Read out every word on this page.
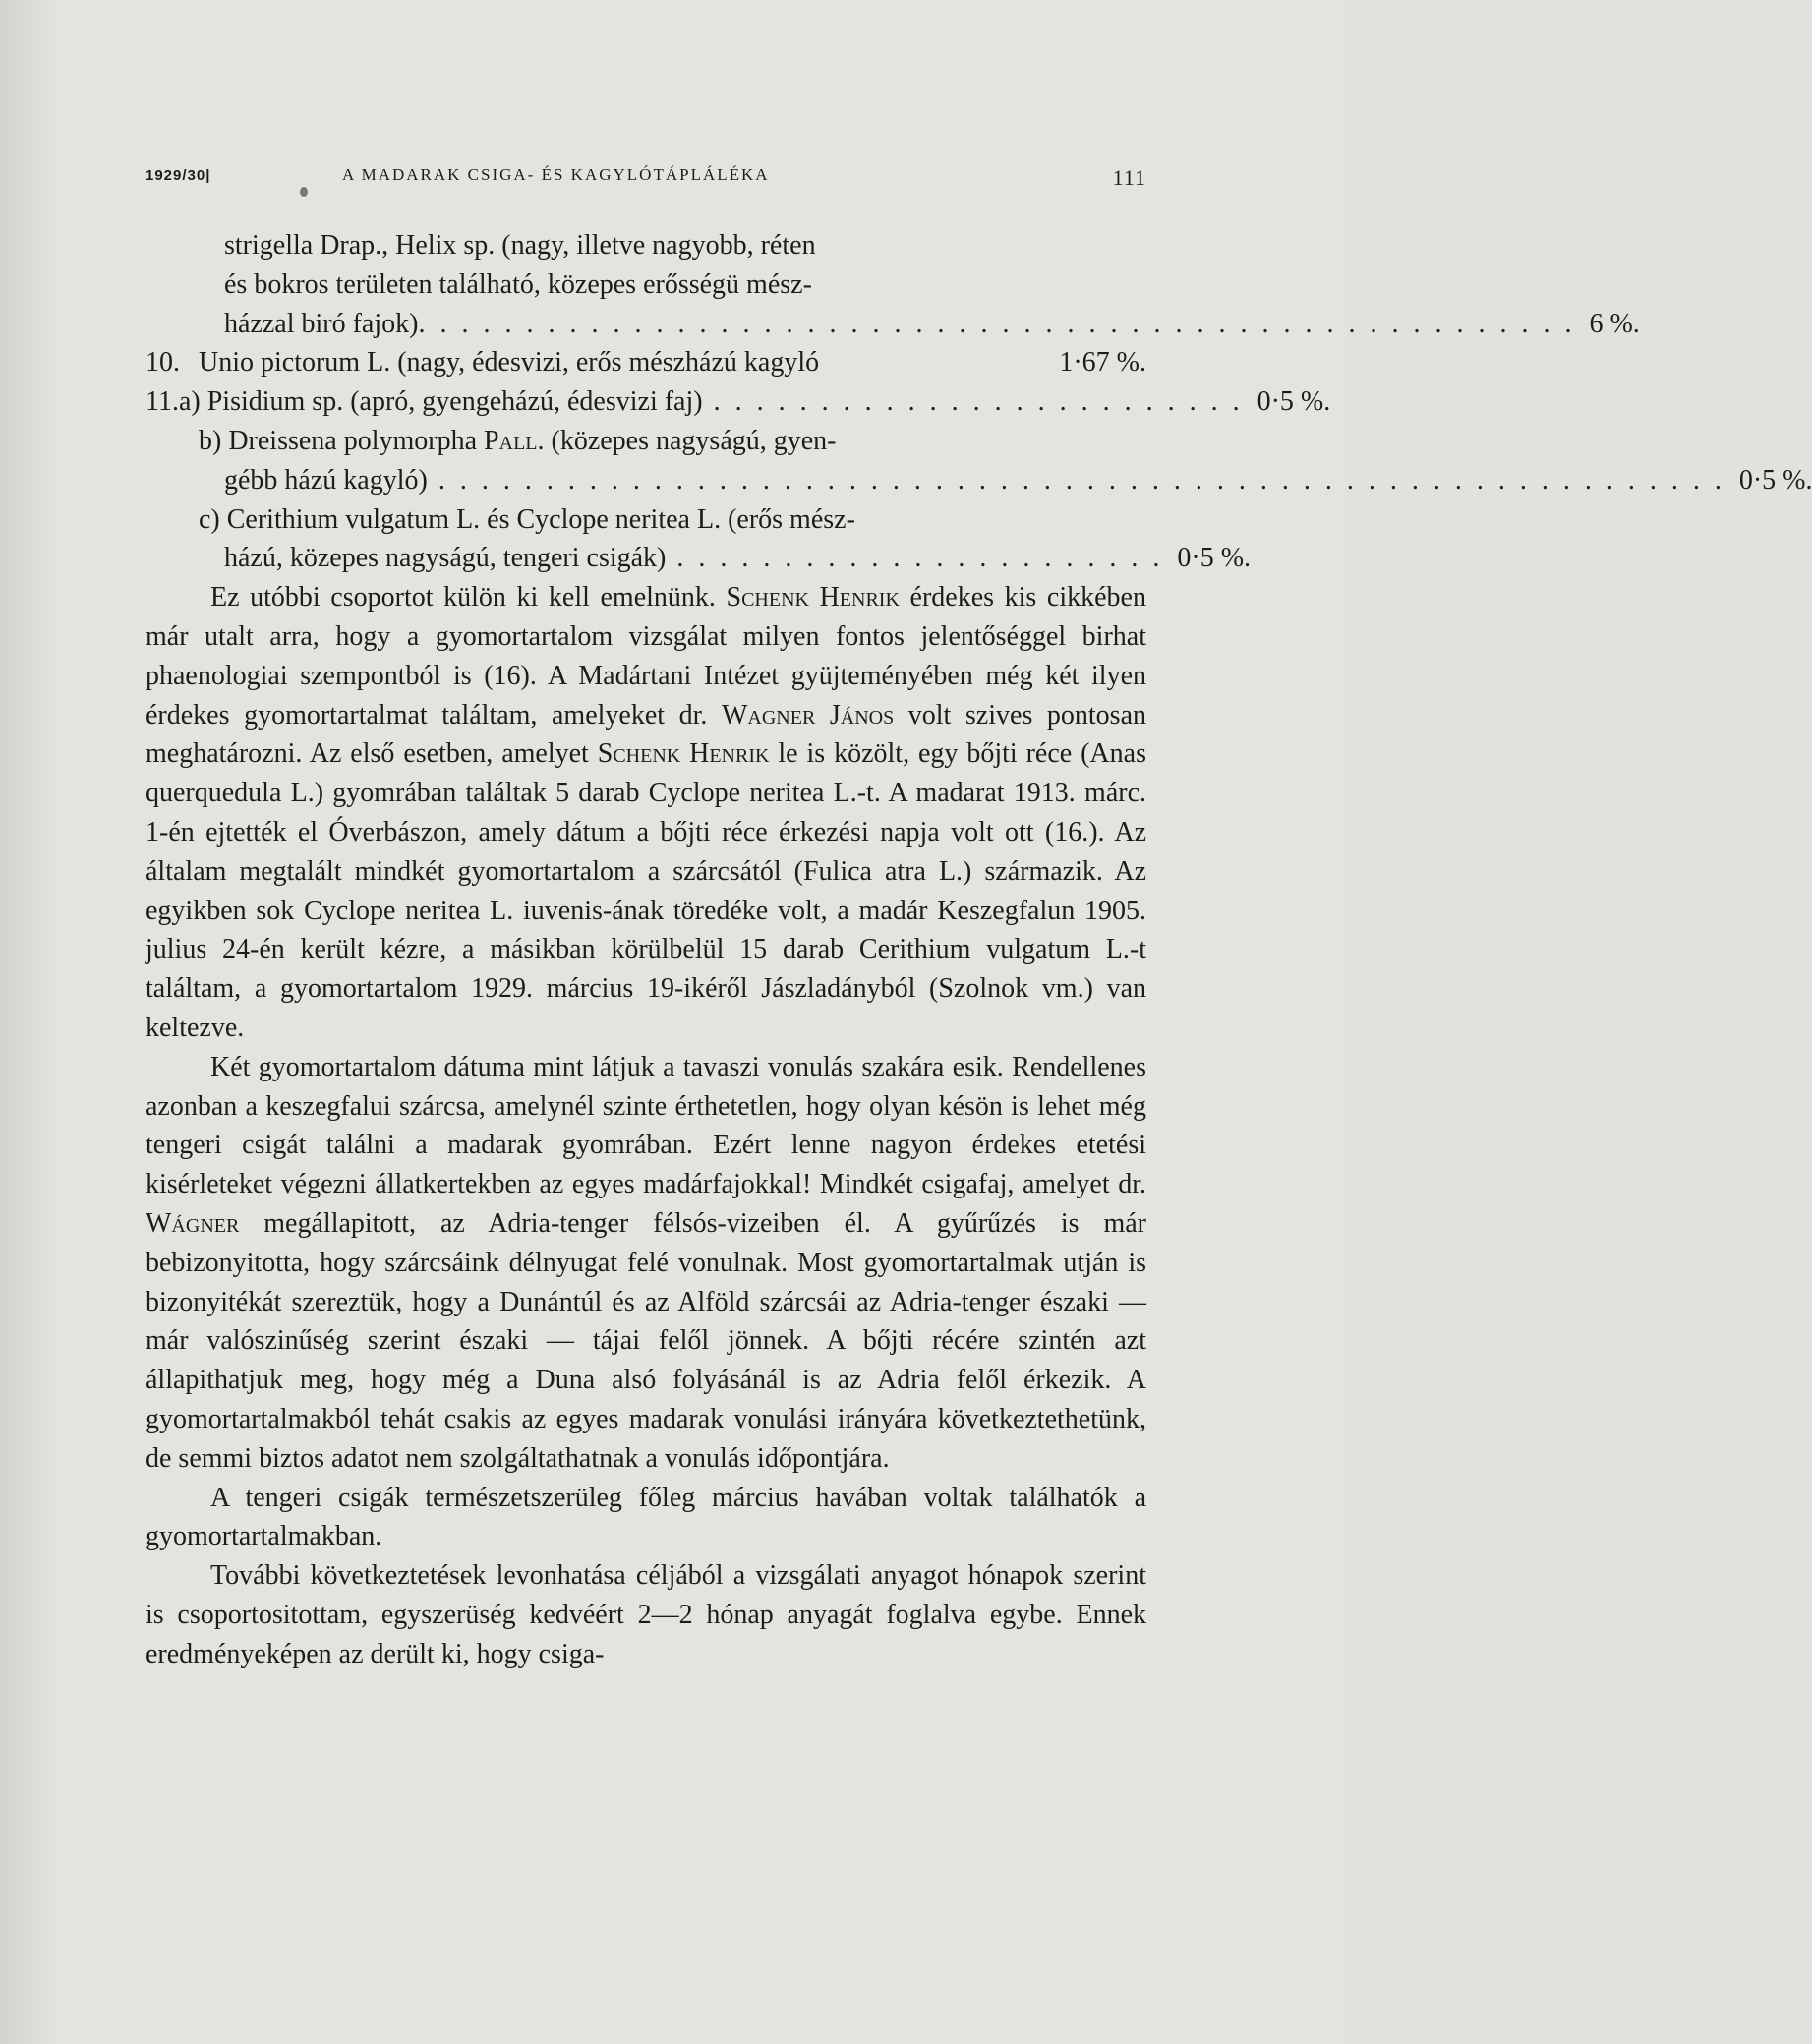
1929/30|	A MADARAK CSIGA- ÉS KAGYLÓTÁPLÁLÉKA	111
strigella Drap., Helix sp. (nagy, illetve nagyobb, réten
és bokros területen található, közepes erősségü mész-
házzal biró fajok) . . . . . . . . . . . . . . . . . . . . . . . . . . . . . . . . . . . . . . . . . . . . . . . . . . . . . . 6 %.
10. Unio pictorum L. (nagy, édesvizi, erős mészházú kagyló	1·67 %.
11. a) Pisidium sp. (apró, gyengeházú, édesvizi faj) . . . . . . . . . . . . . . . . . . . . . . . . . 0·5 %.
b) Dreissena polymorpha Pall. (közepes nagyságú, gyen-
gébb házú kagyló) . . . . . . . . . . . . . . . . . . . . . . . . . . . . . . . . . . . . . . . . . . . . . . . . . . . . . . . . . . . . 0·5 %.
c) Cerithium vulgatum L. és Cyclope neritea L. (erős mész-
házú, közepes nagyságú, tengeri csigák) . . . . . . . . . . . . . . . . . . . . . . . 0·5 %.

Ez utóbbi csoportot külön ki kell emelnünk. Schenk Henrik érdekes kis cikkében már utalt arra, hogy a gyomortartalom vizsgálat milyen fontos jelentőséggel birhat phaenologiai szempontból is (16). A Madártani Intézet gyüjteményében még két ilyen érdekes gyomortartalmat találtam, amelyeket dr. Wagner János volt szives pontosan meghatározni. Az első esetben, amelyet Schenk Henrik le is közölt, egy bőjti réce (Anas querquedula L.) gyomrában találtak 5 darab Cyclope neritea L.-t. A madarat 1913. márc. 1-én ejtették el Óverbászon, amely dátum a bőjti réce érkezési napja volt ott (16.). Az általam megtalált mindkét gyomortartalom a szárcsától (Fulica atra L.) származik. Az egyikben sok Cyclope neritea L. iuvenis-ának töredéke volt, a madár Keszegfalun 1905. julius 24-én került kézre, a másikban körülbelül 15 darab Cerithium vulgatum L.-t találtam, a gyomortartalom 1929. március 19-ikéről Jászladányból (Szolnok vm.) van keltezve.

Két gyomortartalom dátuma mint látjuk a tavaszi vonulás szakára esik. Rendellenes azonban a keszegfalui szárcsa, amelynél szinte érthetetlen, hogy olyan késön is lehet még tengeri csigát találni a madarak gyomrában. Ezért lenne nagyon érdekes etetési kisérleteket végezni állatkertekben az egyes madárfajokkal! Mindkét csigafaj, amelyet dr. Wágner megállapitott, az Adria-tenger félsós-vizeiben él. A gyűrűzés is már bebizonyitotta, hogy szárcsáink délnyugat felé vonulnak. Most gyomortartalmak utján is bizonyitékát szereztük, hogy a Dunántúl és az Alföld szárcsái az Adria-tenger északi — már valószinűség szerint északi — tájai felől jönnek. A bőjti récére szintén azt állapithatjuk meg, hogy még a Duna alsó folyásánál is az Adria felől érkezik. A gyomortartalmakból tehát csakis az egyes madarak vonulási irányára következtethetünk, de semmi biztos adatot nem szolgáltathatnak a vonulás időpontjára.

A tengeri csigák természetszerüleg főleg március havában voltak találhatók a gyomortartalmakban.

További következtetések levonhatása céljából a vizsgálati anyagot hónapok szerint is csoportositottam, egyszerüség kedvéért 2—2 hónap anyagát foglalva egybe. Ennek eredményeképen az derült ki, hogy csiga-
